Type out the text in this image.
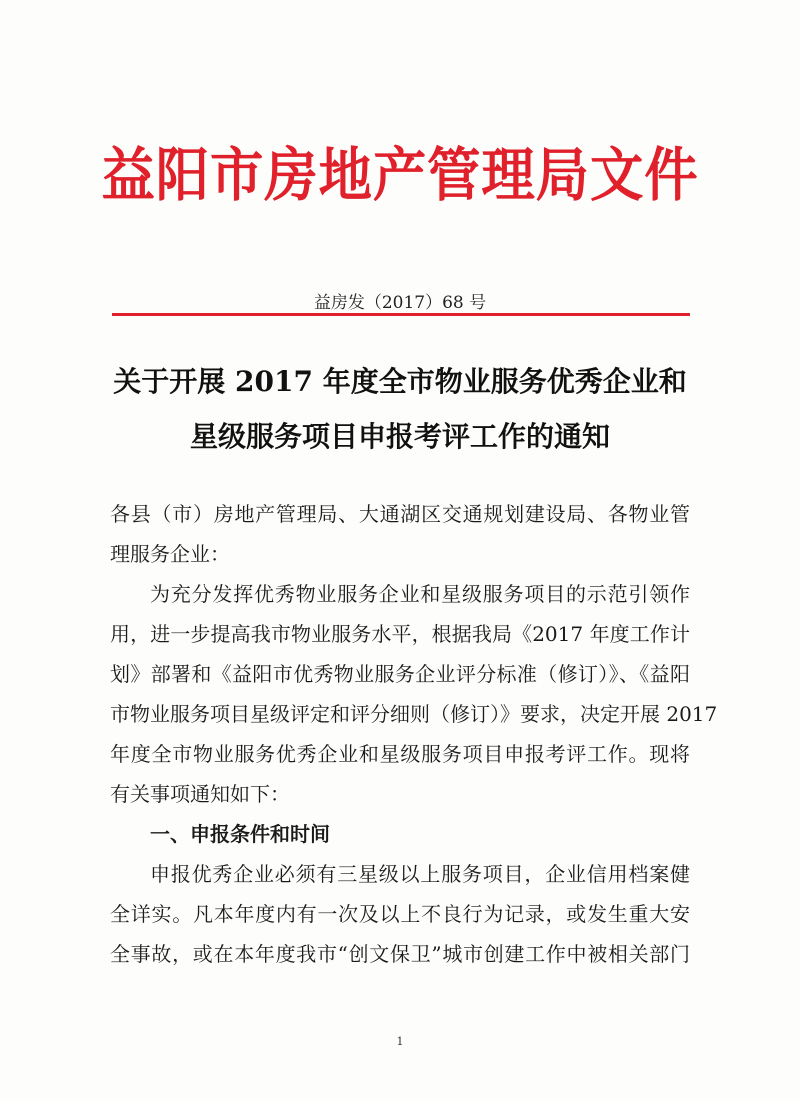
益阳市房地产管理局文件
益房发（2017）68 号
关于开展 2017 年度全市物业服务优秀企业和
星级服务项目申报考评工作的通知
各县（市）房地产管理局、大通湖区交通规划建设局、各物业管
理服务企业：
为充分发挥优秀物业服务企业和星级服务项目的示范引领作
用，进一步提高我市物业服务水平，根据我局《2017 年度工作计
划》部署和《益阳市优秀物业服务企业评分标准（修订）》、《益阳
市物业服务项目星级评定和评分细则（修订）》要求，决定开展 2017
年度全市物业服务优秀企业和星级服务项目申报考评工作。现将
有关事项通知如下：
一、申报条件和时间
申报优秀企业必须有三星级以上服务项目，企业信用档案健
全详实。凡本年度内有一次及以上不良行为记录，或发生重大安
全事故，或在本年度我市“创文保卫”城市创建工作中被相关部门
1
